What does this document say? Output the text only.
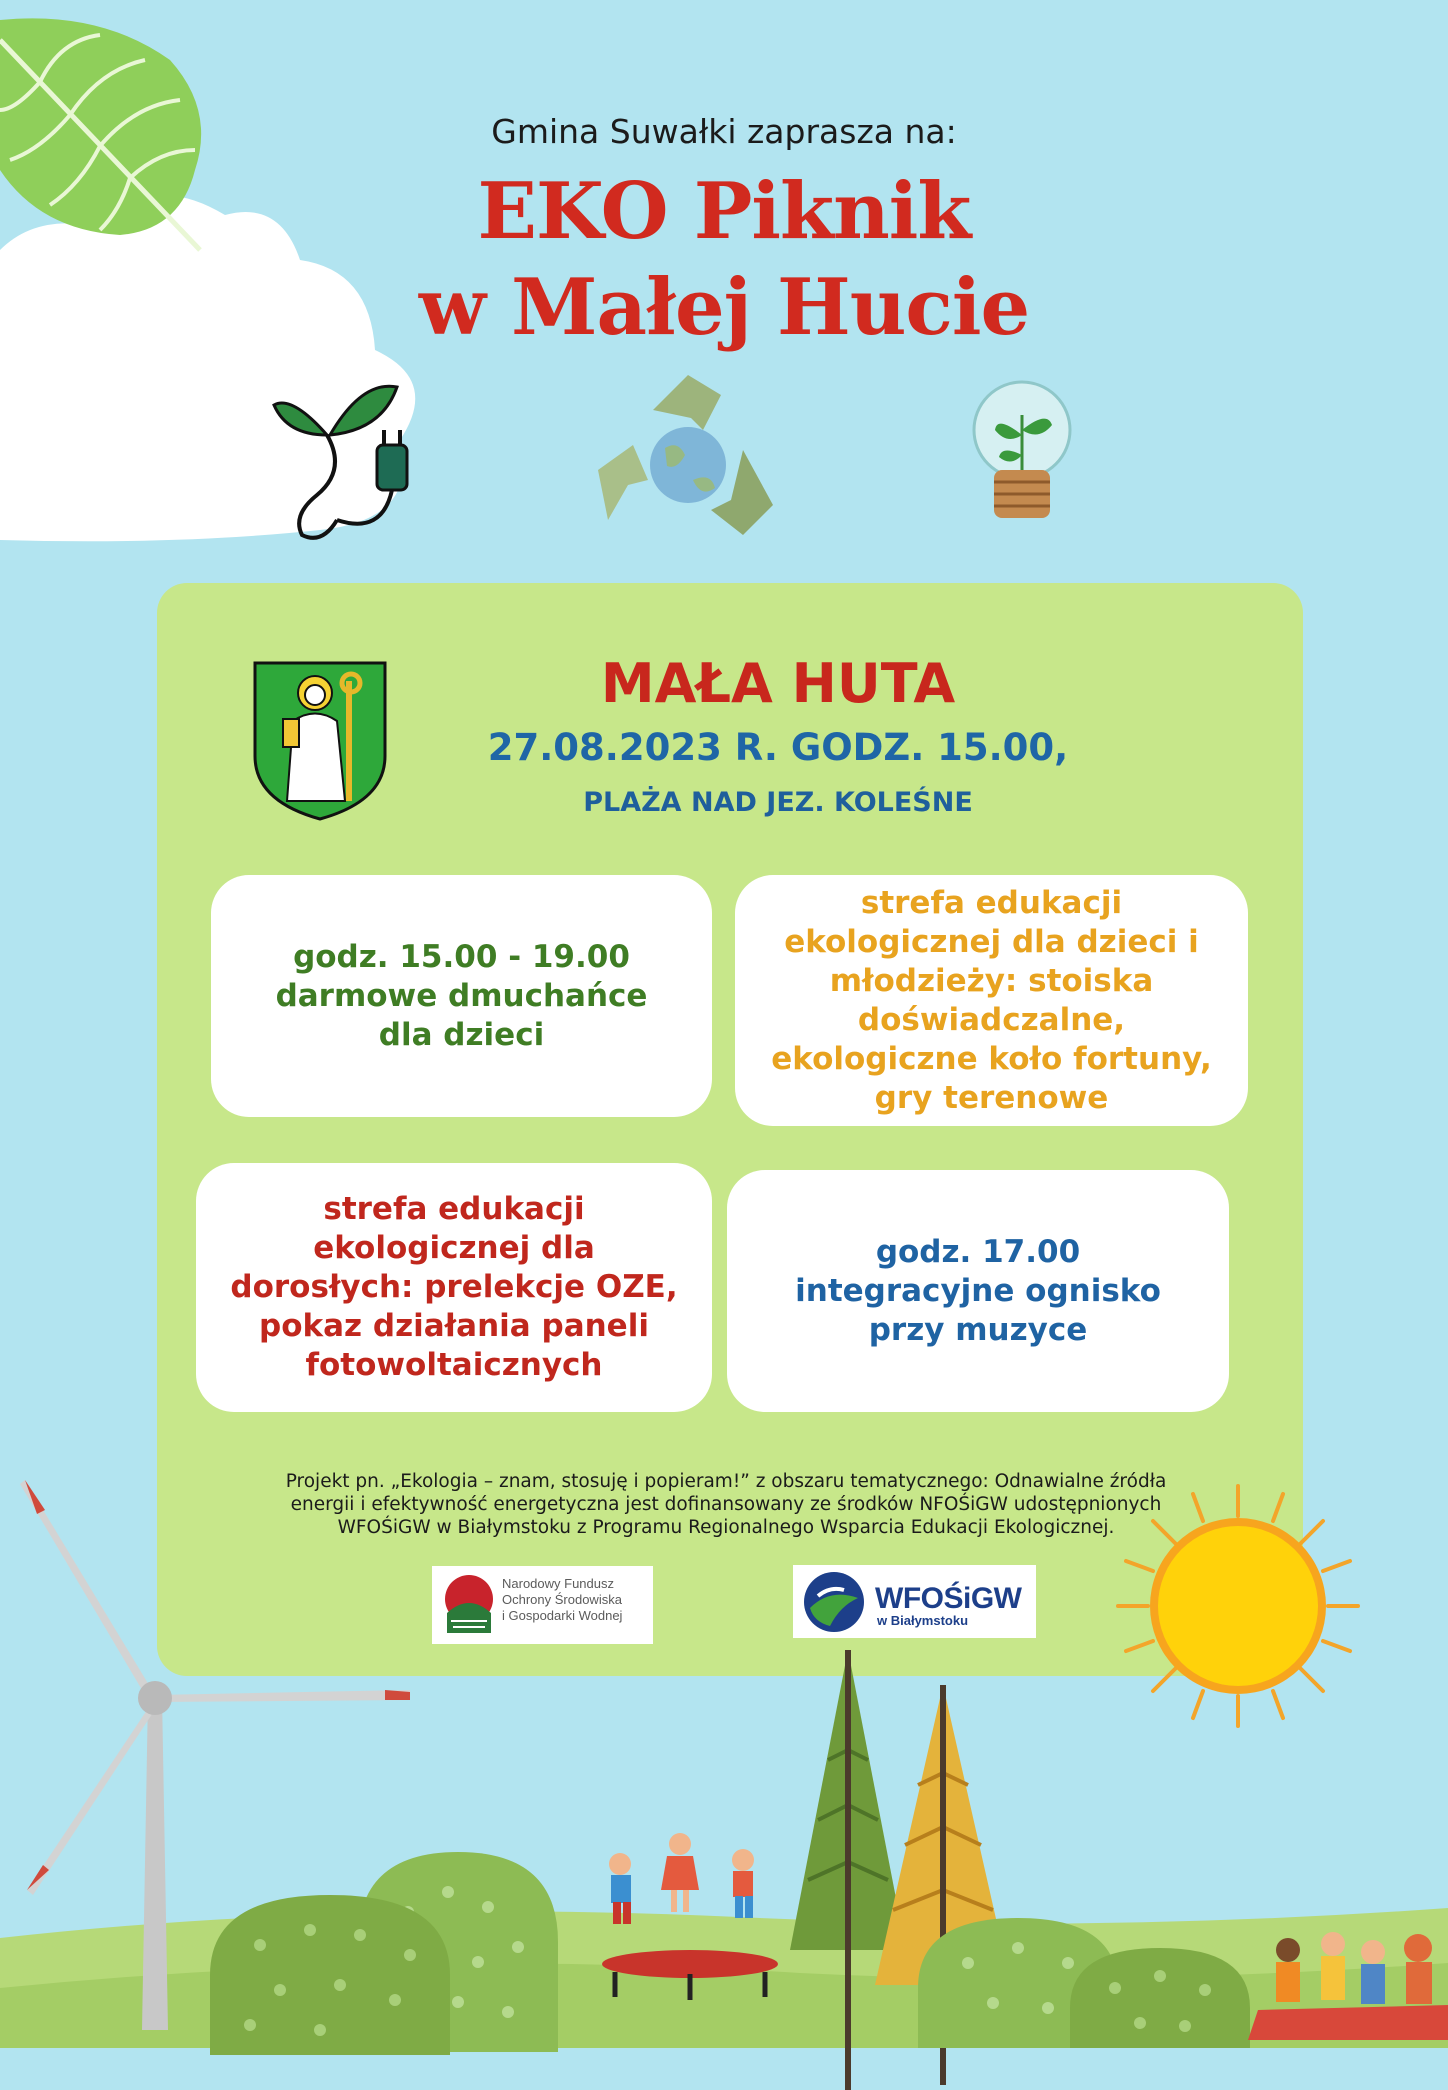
Gmina Suwałki zaprasza na:
EKO Piknik
w Małej Hucie
MAŁA HUTA
27.08.2023 R. GODZ. 15.00,
PLAŻA NAD JEZ. KOLEŚNE
godz. 15.00 - 19.00
darmowe dmuchańce
dla dzieci
strefa edukacji
ekologicznej dla dzieci i
młodzieży: stoiska
doświadczalne,
ekologiczne koło fortuny,
gry terenowe
strefa edukacji
ekologicznej dla
dorosłych: prelekcje OZE,
pokaz działania paneli
fotowoltaicznych
godz. 17.00
integracyjne ognisko
przy muzyce
Projekt pn. „Ekologia – znam, stosuję i popieram!” z obszaru tematycznego: Odnawialne źródła
energii i efektywność energetyczna jest dofinansowany ze środków NFOŚiGW udostępnionych
WFOŚiGW w Białymstoku z Programu Regionalnego Wsparcia Edukacji Ekologicznej.
Narodowy Fundusz
Ochrony Środowiska
i Gospodarki Wodnej
WFOŚiGW
w Białymstoku
